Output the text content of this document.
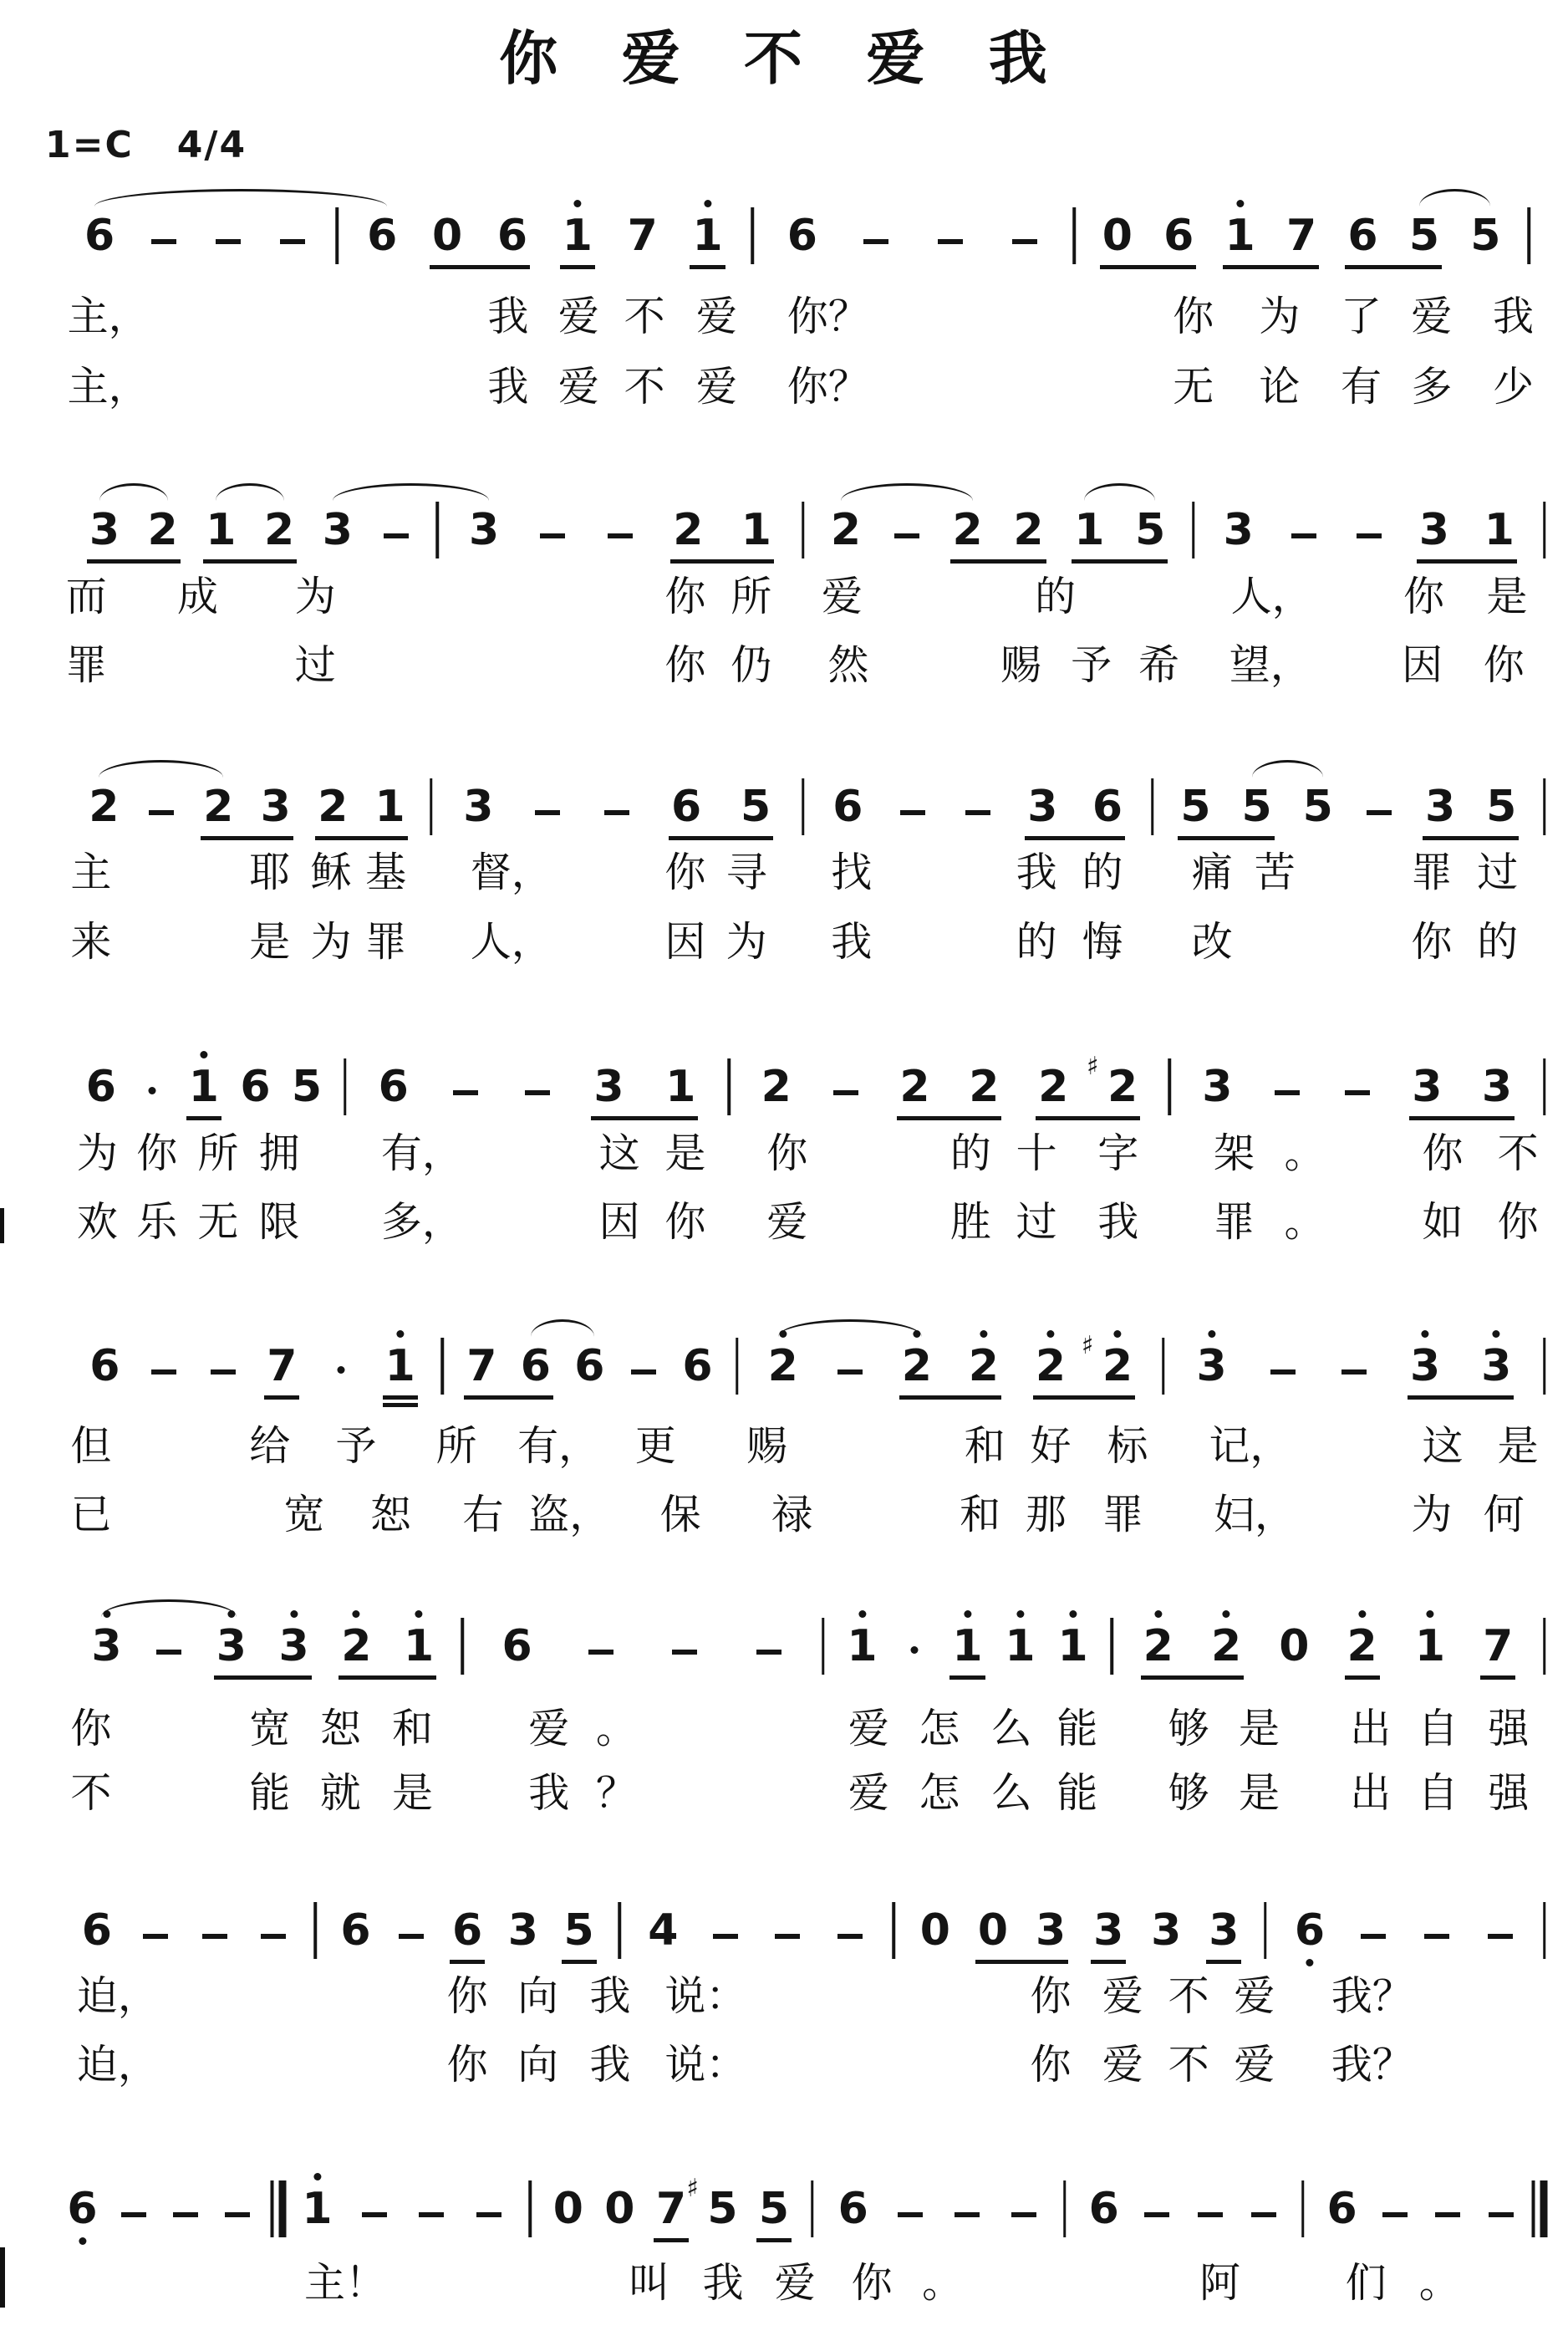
你 爱 不 爱 我
1=C 4/4
6	6 0 6 1 7 1 6	0 6 1 7 6 5 5
主，	我 爱 不 爱 你？	你 为 了 爱 我
主，	我 爱 不 爱 你？	无 论 有 多 少
3 2 1 2 3	3	2 1 2 2 2 1 5 3	3 1
而 成 为	你 所 爱	的	人， 你 是
罪	过	你 仍 然	赐 予 希 望， 因 你
2 2 3 2 1 3	6 5 6	3 6 5 5 5 3 5
主	耶 稣 基 督，	你 寻 找	我 的 痛 苦	罪 过
来	是 为 罪 人，	因 为 我	的 悔 改	你 的
6 1 6 5 6	3 1 2 2 2 2 2
♯ 3	3 3
为 你 所 拥 有，	这 是 你	的 十 字 架 。 你 不
欢 乐 无 限 多，	因 你 爱	胜 过 我 罪 。 如 你
6	7 1 7 6 6 6 2 2 2 2 2
♯ 3	3 3
但	给 予 所 有， 更 赐	和 好 标 记，	这 是
已	宽 恕 右 盗， 保 禄	和 那 罪 妇，	为 何
3 3 3 2 1 6	1 1 1 1 2 2 0 2 1 7
你	宽 恕 和 爱 。	爱 怎 么 能 够 是 出 自 强
不	能 就 是 我 ？	爱 怎 么 能 够 是 出 自 强
6	6 6 3 5 4	0 0 3 3 3 3 6
迫，	你 向 我 说：	你 爱 不 爱 我？
迫，	你 向 我 说：	你 爱 不 爱 我？
6	1	0 0 7 5
♯ 5 6	6	6
主！	叫 我 爱 你 。	阿	们 。
